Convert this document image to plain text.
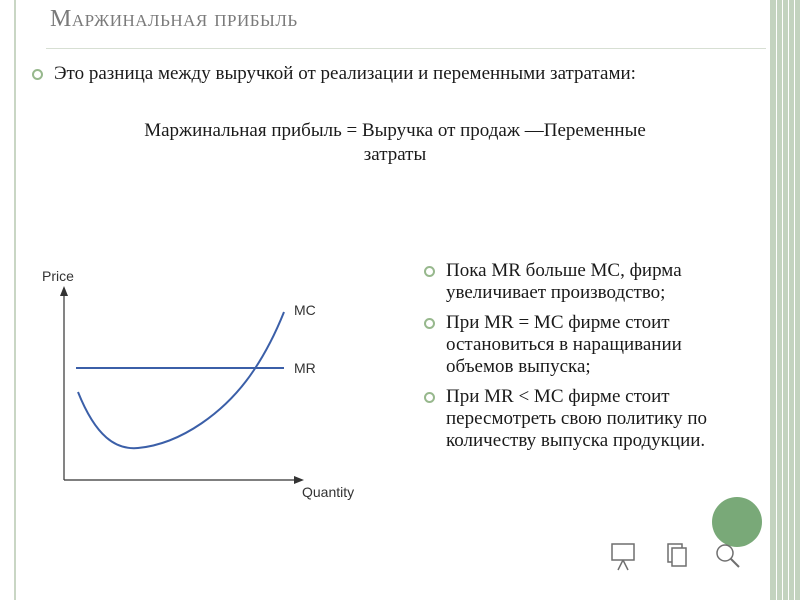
Маржинальная прибыль
Это разница между выручкой от реализации и переменными затратами:
Маржинальная прибыль = Выручка от продаж —Переменные
затраты
Price
Quantity
MC
MR
Пока MR больше MC, фирма увеличивает производство;
При MR = MC фирме стоит остановиться в наращивании объемов выпуска;
При MR < MC фирме стоит пересмотреть свою политику по количеству выпуска продукции.
